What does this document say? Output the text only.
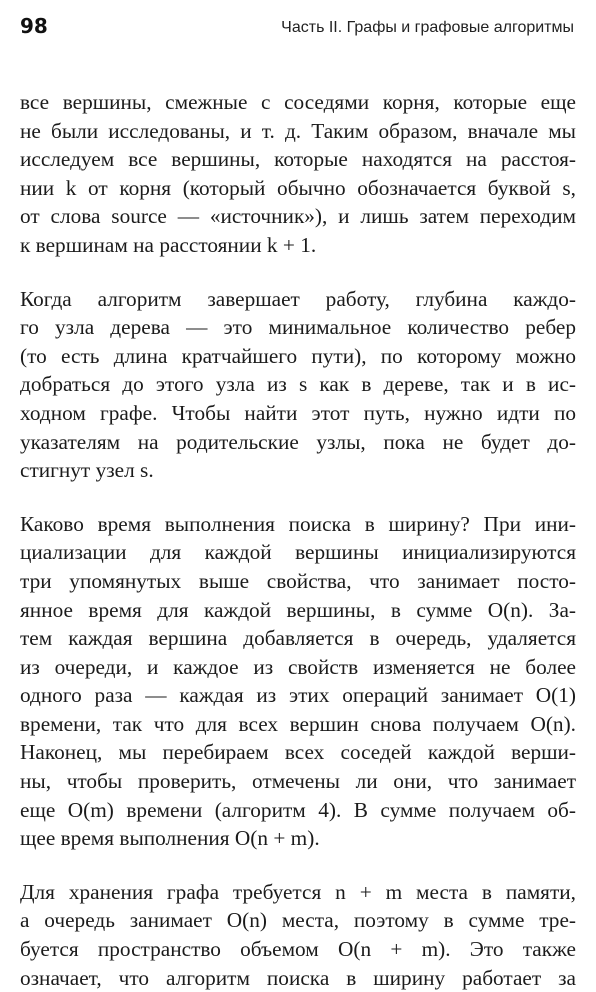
98	Часть II. Графы и графовые алгоритмы

все вершины, смежные с соседями корня, которые еще
не были исследованы, и т. д. Таким образом, вначале мы
исследуем все вершины, которые находятся на расстоя-
нии k от корня (который обычно обозначается буквой s,
от слова source — «источник»), и лишь затем переходим
к вершинам на расстоянии k + 1.

Когда алгоритм завершает работу, глубина каждо-
го узла дерева — это минимальное количество ребер
(то есть длина кратчайшего пути), по которому можно
добраться до этого узла из s как в дереве, так и в ис-
ходном графе. Чтобы найти этот путь, нужно идти по
указателям на родительские узлы, пока не будет до-
стигнут узел s.

Каково время выполнения поиска в ширину? При ини-
циализации для каждой вершины инициализируются
три упомянутых выше свойства, что занимает посто-
янное время для каждой вершины, в сумме O(n). За-
тем каждая вершина добавляется в очередь, удаляется
из очереди, и каждое из свойств изменяется не более
одного раза — каждая из этих операций занимает O(1)
времени, так что для всех вершин снова получаем O(n).
Наконец, мы перебираем всех соседей каждой верши-
ны, чтобы проверить, отмечены ли они, что занимает
еще O(m) времени (алгоритм 4). В сумме получаем об-
щее время выполнения O(n + m).

Для хранения графа требуется n + m места в памяти,
а очередь занимает O(n) места, поэтому в сумме тре-
буется пространство объемом O(n + m). Это также
означает, что алгоритм поиска в ширину работает за
